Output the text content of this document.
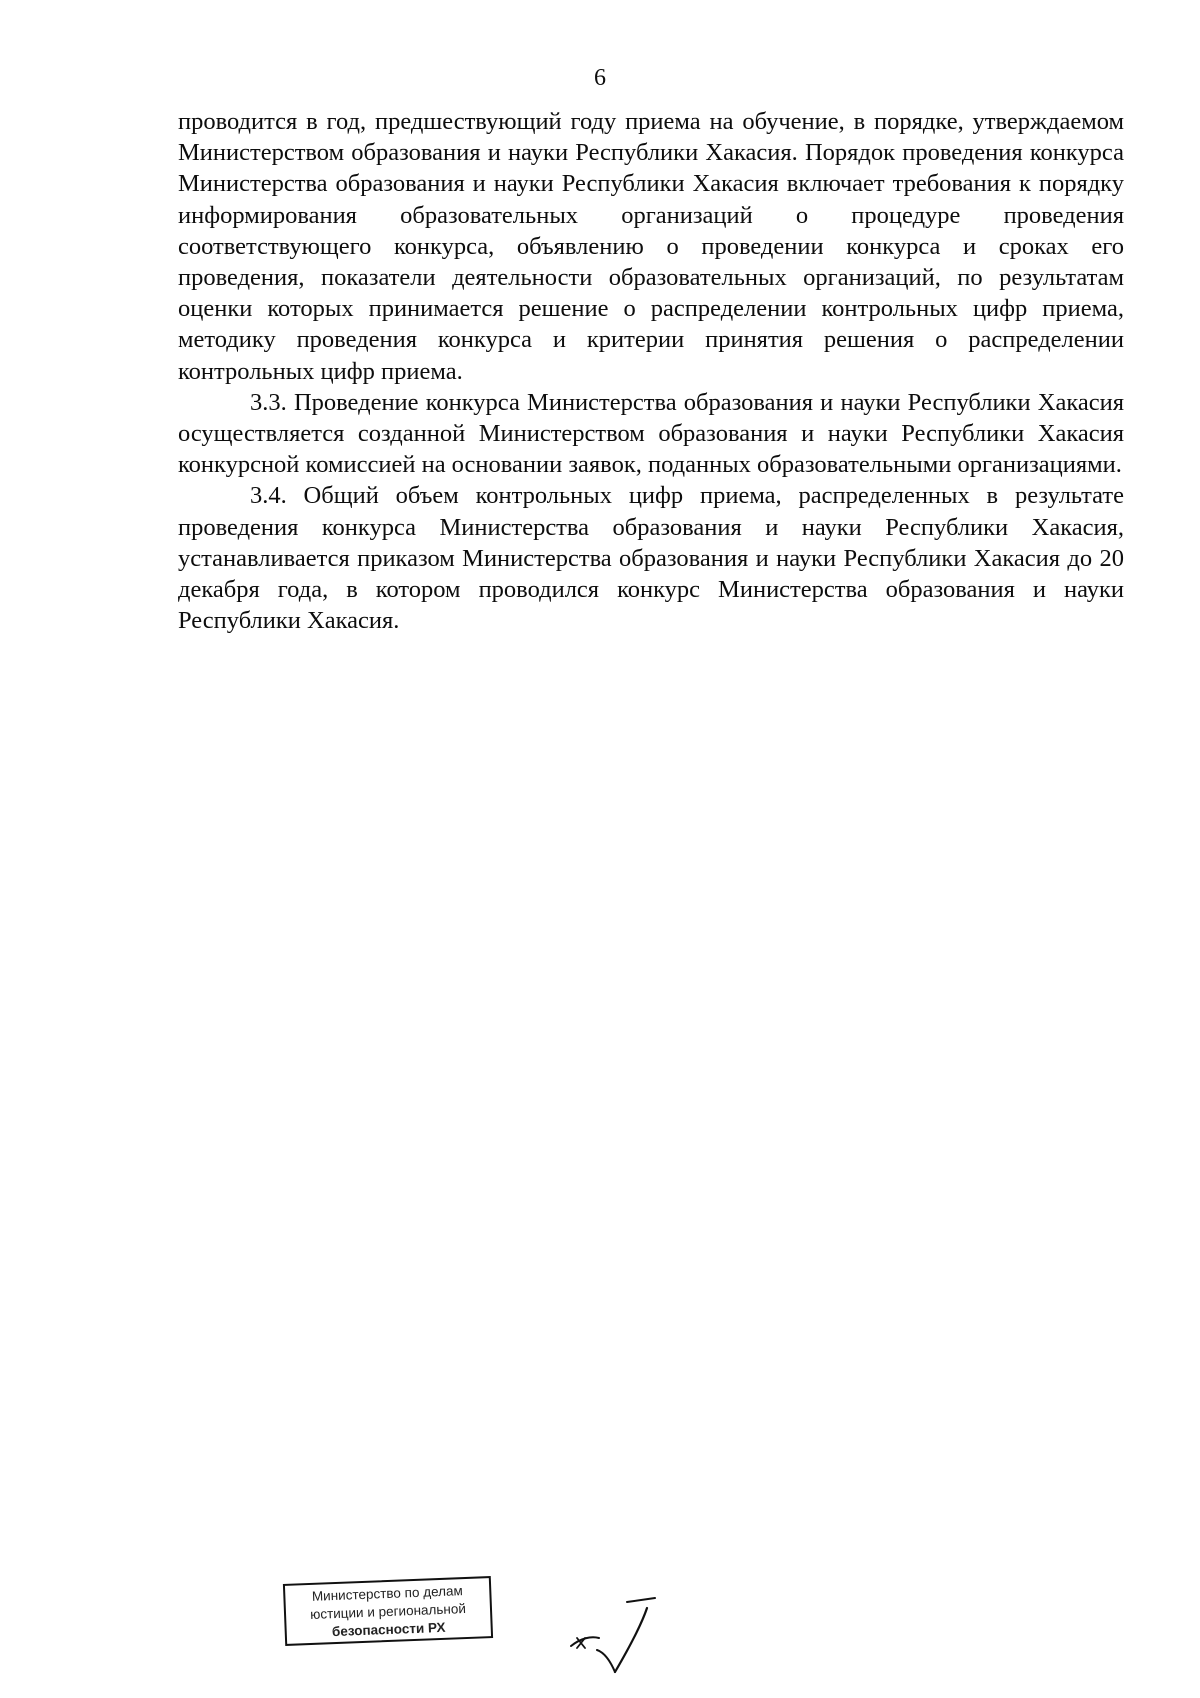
6

проводится в год, предшествующий году приема на обучение, в порядке, утверждаемом Министерством образования и науки Республики Хакасия. Порядок проведения конкурса Министерства образования и науки Республики Хакасия включает требования к порядку информирования образовательных организаций о процедуре проведения соответствующего конкурса, объявлению о проведении конкурса и сроках его проведения, показатели деятельности образовательных организаций, по результатам оценки которых принимается решение о распределении контрольных цифр приема, методику проведения конкурса и критерии принятия решения о распределении контрольных цифр приема.

3.3. Проведение конкурса Министерства образования и науки Республики Хакасия осуществляется созданной Министерством образования и науки Республики Хакасия конкурсной комиссией на основании заявок, поданных образовательными организациями.

3.4. Общий объем контрольных цифр приема, распределенных в результате проведения конкурса Министерства образования и науки Республики Хакасия, устанавливается приказом Министерства образования и науки Республики Хакасия до 20 декабря года, в котором проводился конкурс Министерства образования и науки Республики Хакасия.

Министерство по делам
юстиции и региональной
безопасности РХ
